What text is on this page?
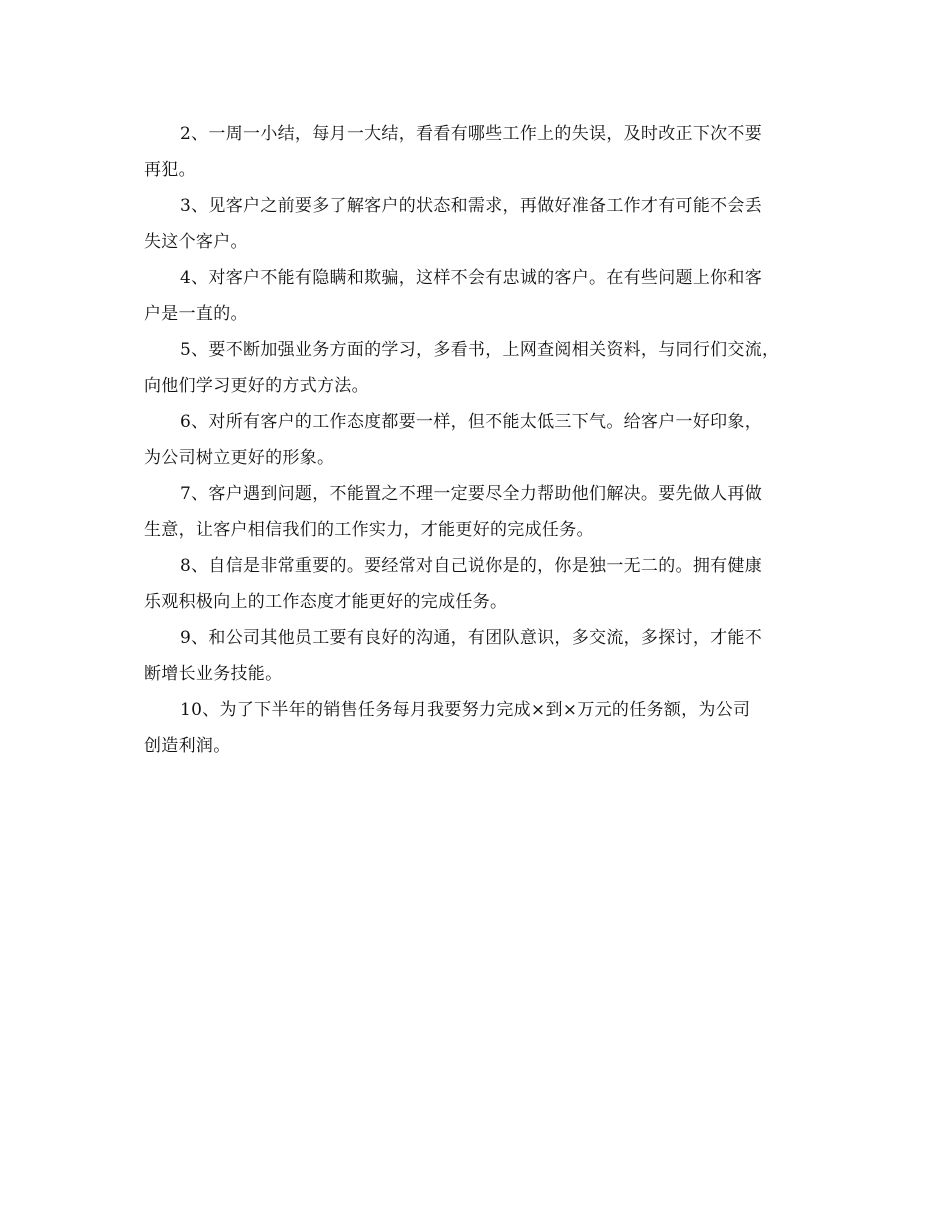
2、一周一小结，每月一大结，看看有哪些工作上的失误，及时改正下次不要
再犯。

3、见客户之前要多了解客户的状态和需求，再做好准备工作才有可能不会丢
失这个客户。

4、对客户不能有隐瞒和欺骗，这样不会有忠诚的客户。在有些问题上你和客
户是一直的。

5、要不断加强业务方面的学习，多看书，上网查阅相关资料，与同行们交流，
向他们学习更好的方式方法。

6、对所有客户的工作态度都要一样，但不能太低三下气。给客户一好印象，
为公司树立更好的形象。

7、客户遇到问题，不能置之不理一定要尽全力帮助他们解决。要先做人再做
生意，让客户相信我们的工作实力，才能更好的完成任务。

8、自信是非常重要的。要经常对自己说你是的，你是独一无二的。拥有健康
乐观积极向上的工作态度才能更好的完成任务。

9、和公司其他员工要有良好的沟通，有团队意识，多交流，多探讨，才能不
断增长业务技能。

10、为了下半年的销售任务每月我要努力完成×到×万元的任务额，为公司
创造利润。
